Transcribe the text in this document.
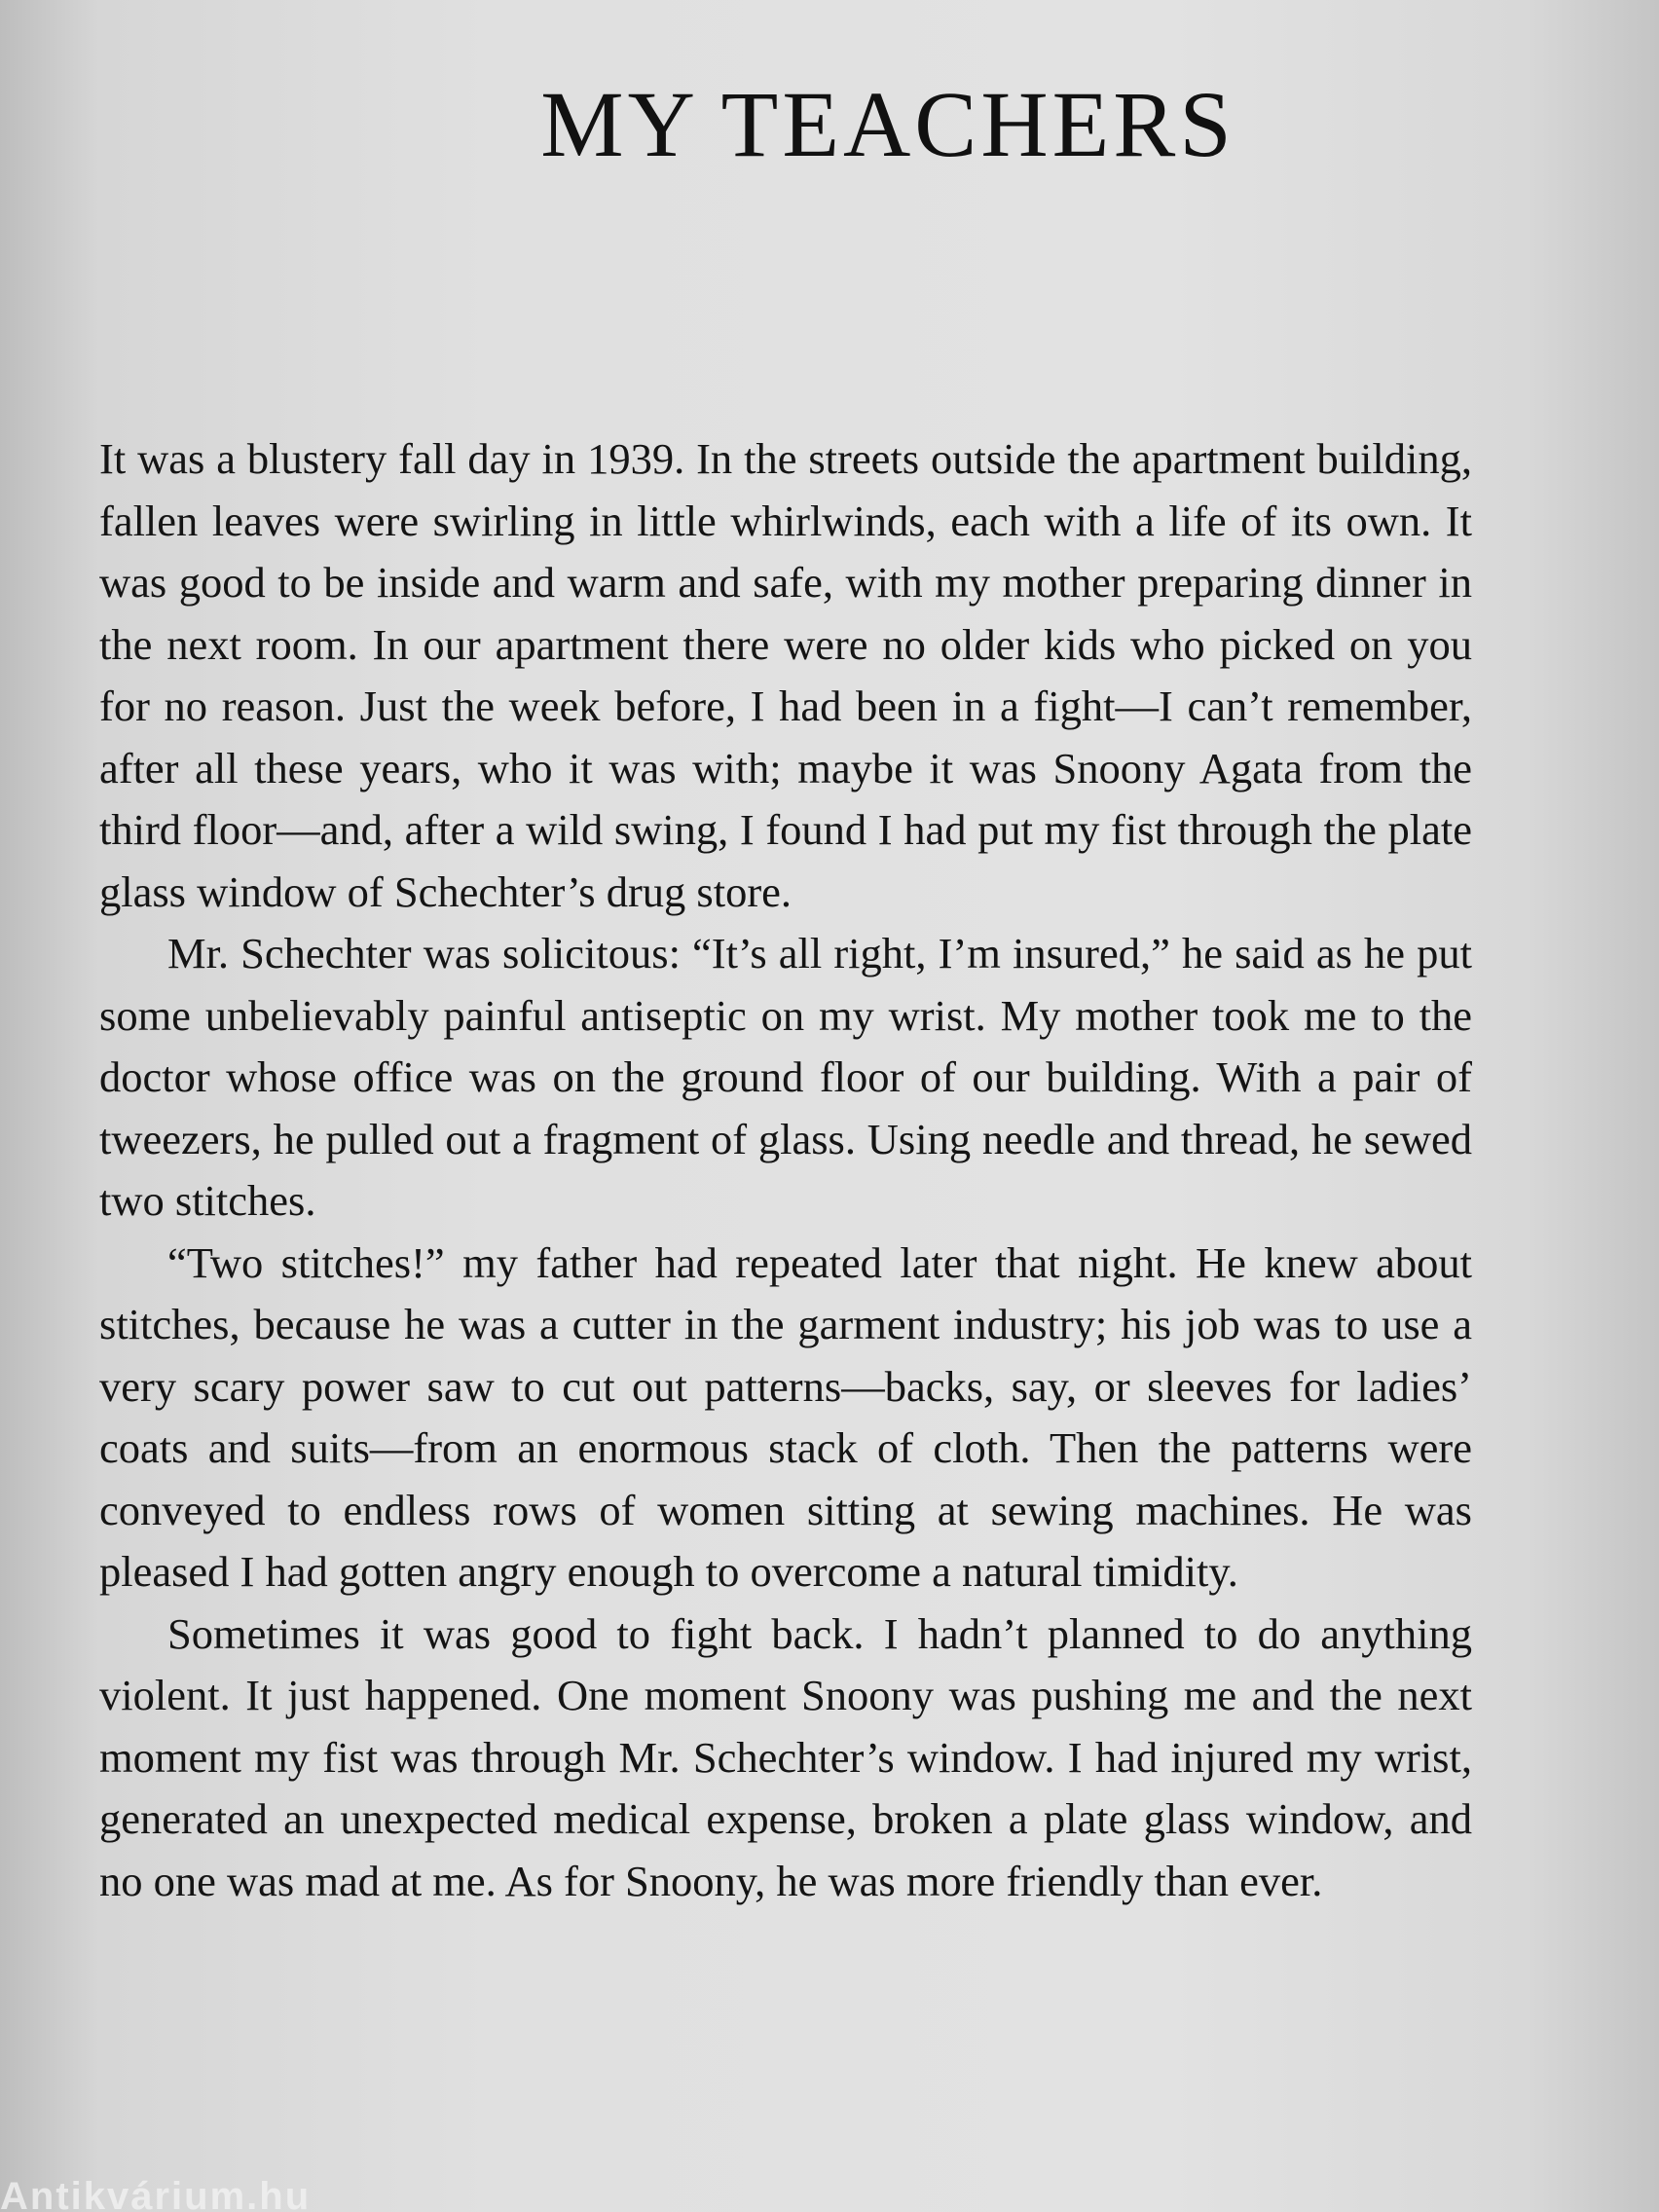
MY TEACHERS

It was a blustery fall day in 1939. In the streets outside the apartment building, fallen leaves were swirling in little whirlwinds, each with a life of its own. It was good to be inside and warm and safe, with my mother preparing dinner in the next room. In our apartment there were no older kids who picked on you for no reason. Just the week before, I had been in a fight—I can’t remember, after all these years, who it was with; maybe it was Snoony Agata from the third floor—and, after a wild swing, I found I had put my fist through the plate glass window of Schechter’s drug store.

Mr. Schechter was solicitous: “It’s all right, I’m insured,” he said as he put some unbelievably painful antiseptic on my wrist. My mother took me to the doctor whose office was on the ground floor of our building. With a pair of tweezers, he pulled out a fragment of glass. Using needle and thread, he sewed two stitches.

“Two stitches!” my father had repeated later that night. He knew about stitches, because he was a cutter in the garment industry; his job was to use a very scary power saw to cut out patterns—backs, say, or sleeves for ladies’ coats and suits—from an enormous stack of cloth. Then the patterns were conveyed to endless rows of women sitting at sewing machines. He was pleased I had gotten angry enough to overcome a natural timidity.

Sometimes it was good to fight back. I hadn’t planned to do anything violent. It just happened. One moment Snoony was pushing me and the next moment my fist was through Mr. Schechter’s window. I had injured my wrist, generated an unexpected medical expense, broken a plate glass window, and no one was mad at me. As for Snoony, he was more friendly than ever.

Antikvárium.hu
